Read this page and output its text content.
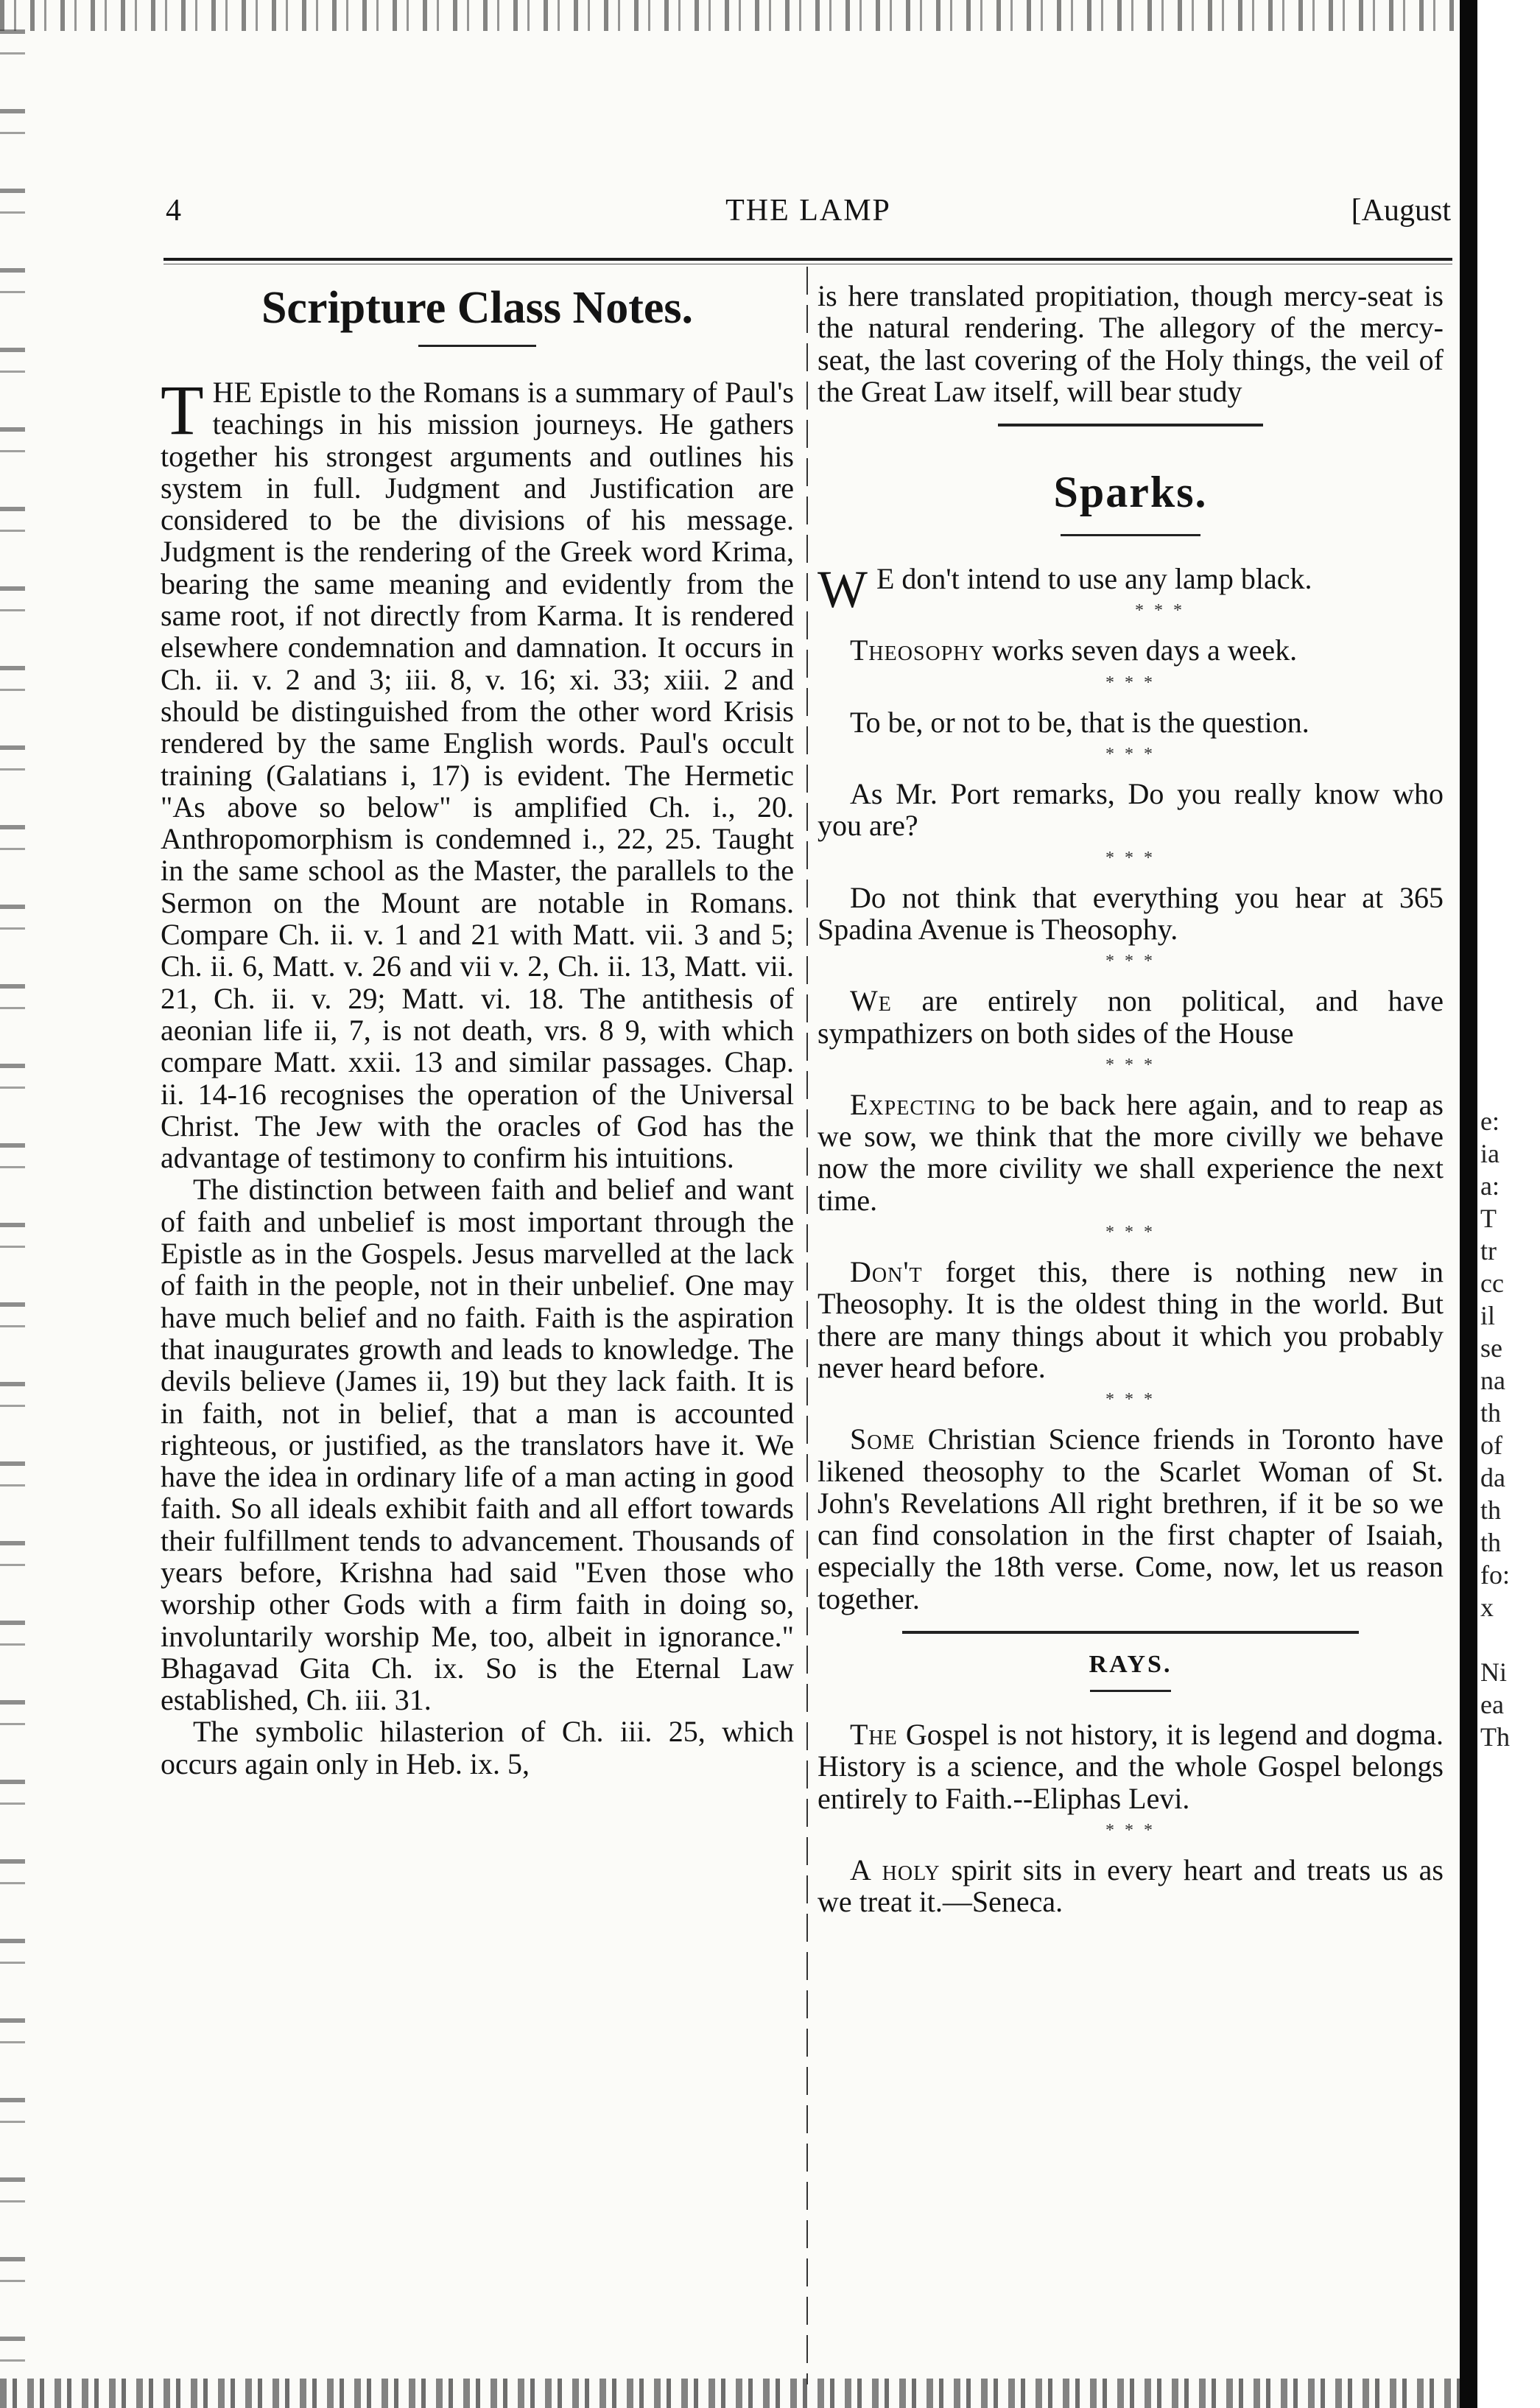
e:
ia
a:
T
tr
cc
il
se
na
th
of
da
th
th
fo:
x
Ni
ea
Th
THE LAMP
4	[August
Scripture Class Notes.

THE Epistle to the Romans is a summary of Paul's teachings in his mission journeys. He gathers together his strongest arguments and outlines his system in full. Judgment and Justification are considered to be the divisions of his message. Judgment is the rendering of the Greek word Krima, bearing the same meaning and evidently from the same root, if not directly from Karma. It is rendered elsewhere condemnation and damnation. It occurs in Ch. ii. v. 2 and 3; iii. 8, v. 16; xi. 33; xiii. 2 and should be distinguished from the other word Krisis rendered by the same English words. Paul's occult training (Galatians i, 17) is evident. The Hermetic "As above so below" is amplified Ch. i., 20. Anthropomorphism is condemned i., 22, 25. Taught in the same school as the Master, the parallels to the Sermon on the Mount are notable in Romans. Compare Ch. ii. v. 1 and 21 with Matt. vii. 3 and 5; Ch. ii. 6, Matt. v. 26 and vii v. 2, Ch. ii. 13, Matt. vii. 21, Ch. ii. v. 29; Matt. vi. 18. The antithesis of aeonian life ii, 7, is not death, vrs. 8 9, with which compare Matt. xxii. 13 and similar passages. Chap. ii. 14-16 recognises the operation of the Universal Christ. The Jew with the oracles of God has the advantage of testimony to confirm his intuitions.

The distinction between faith and belief and want of faith and unbelief is most important through the Epistle as in the Gospels. Jesus marvelled at the lack of faith in the people, not in their unbelief. One may have much belief and no faith. Faith is the aspiration that inaugurates growth and leads to knowledge. The devils believe (James ii, 19) but they lack faith. It is in faith, not in belief, that a man is accounted righteous, or justified, as the translators have it. We have the idea in ordinary life of a man acting in good faith. So all ideals exhibit faith and all effort towards their fulfillment tends to advancement. Thousands of years before, Krishna had said "Even those who worship other Gods with a firm faith in doing so, involuntarily worship Me, too, albeit in ignorance." Bhagavad Gita Ch. ix. So is the Eternal Law established, Ch. iii. 31.

The symbolic hilasterion of Ch. iii. 25, which occurs again only in Heb. ix. 5,

is here translated propitiation, though mercy-seat is the natural rendering. The allegory of the mercy-seat, the last covering of the Holy things, the veil of the Great Law itself, will bear study

Sparks.

W E don't intend to use any lamp black.

* * *

Theosophy works seven days a week.

* * *

To be, or not to be, that is the question.

* * *

As Mr. Port remarks, Do you really know who you are?

* * *

Do not think that everything you hear at 365 Spadina Avenue is Theosophy.

* * *

We are entirely non political, and have sympathizers on both sides of the House

* * *

Expecting to be back here again, and to reap as we sow, we think that the more civilly we behave now the more civility we shall experience the next time.

* * *

Don't forget this, there is nothing new in Theosophy. It is the oldest thing in the world. But there are many things about it which you probably never heard before.

* * *

Some Christian Science friends in Toronto have likened theosophy to the Scarlet Woman of St. John's Revelations All right brethren, if it be so we can find consolation in the first chapter of Isaiah, especially the 18th verse. Come, now, let us reason together.

RAYS.

The Gospel is not history, it is legend and dogma. History is a science, and the whole Gospel belongs entirely to Faith.--Eliphas Levi.

* * *

A holy spirit sits in every heart and treats us as we treat it.—Seneca.
